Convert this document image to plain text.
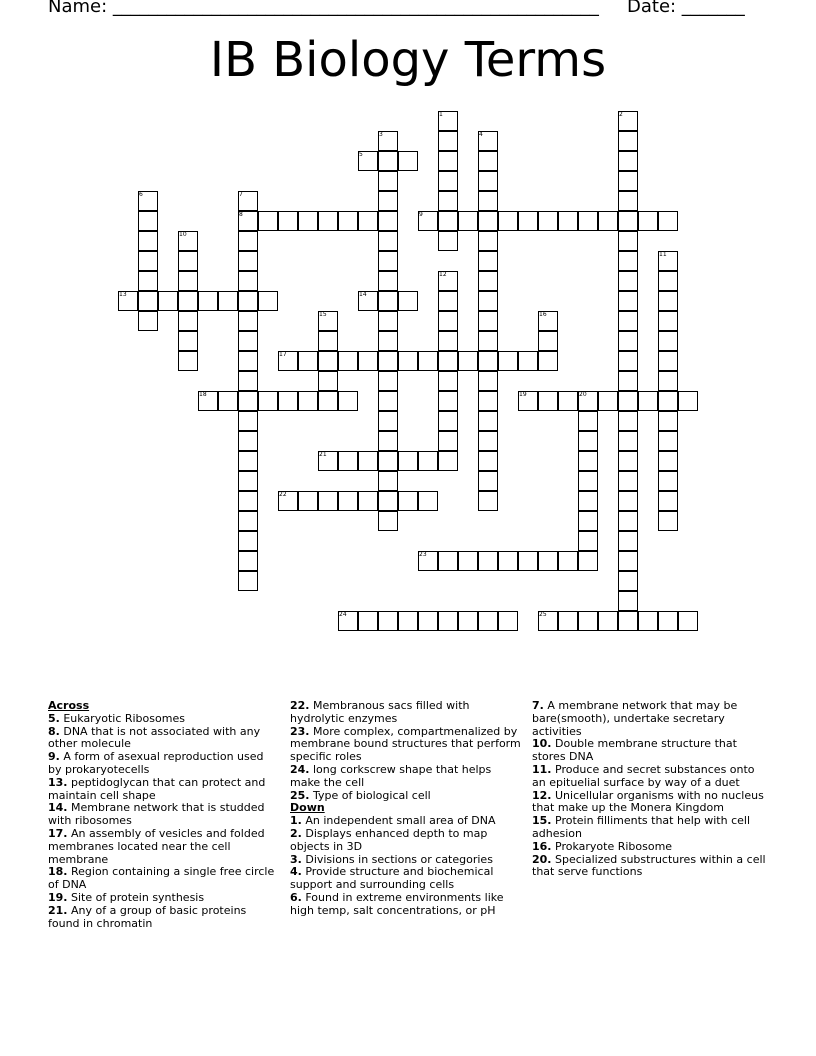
Name: ______________________________________________________ Date: _______
IB Biology Terms
1	2
3	4
5
6	7
8	9
10
11
12
13	14
15	16
17
18	19	20
21
22
23
24	25
Across
5. Eukaryotic Ribosomes
8. DNA that is not associated with any other molecule
9. A form of asexual reproduction used by prokaryotecells
13. peptidoglycan that can protect and maintain cell shape
14. Membrane network that is studded with ribosomes
17. An assembly of vesicles and folded membranes located near the cell membrane
18. Region containing a single free circle of DNA
19. Site of protein synthesis
21. Any of a group of basic proteins found in chromatin
22. Membranous sacs filled with hydrolytic enzymes
23. More complex, compartmenalized by membrane bound structures that perform specific roles
24. long corkscrew shape that helps make the cell
25. Type of biological cell
Down
1. An independent small area of DNA
2. Displays enhanced depth to map objects in 3D
3. Divisions in sections or categories
4. Provide structure and biochemical support and surrounding cells
6. Found in extreme environments like high temp, salt concentrations, or pH
7. A membrane network that may be bare(smooth), undertake secretary activities
10. Double membrane structure that stores DNA
11. Produce and secret substances onto an epituelial surface by way of a duet
12. Unicellular organisms with no nucleus that make up the Monera Kingdom
15. Protein filliments that help with cell adhesion
16. Prokaryote Ribosome
20. Specialized substructures within a cell that serve functions
